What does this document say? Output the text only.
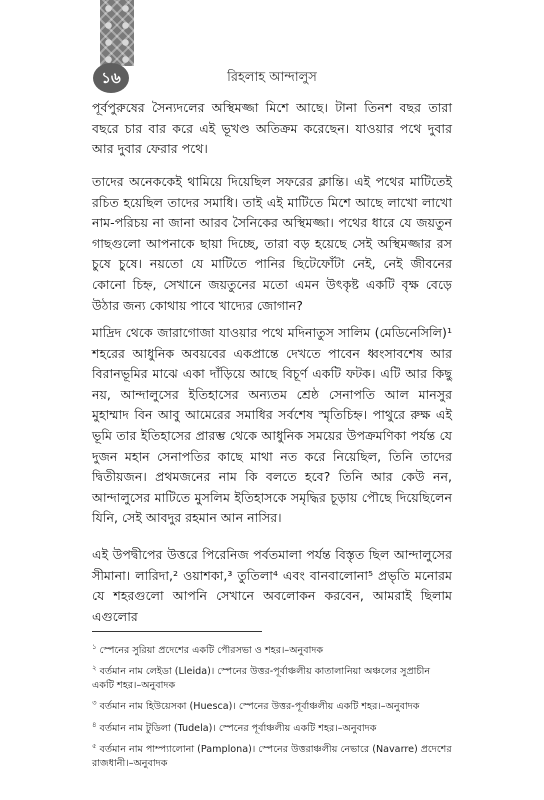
১৬	রিহলাহ আন্দালুস

পূর্বপুরুষের সৈন্যদলের অস্থিমজ্জা মিশে আছে। টানা তিনশ বছর তারা বছরে চার বার করে এই ভূখণ্ড অতিক্রম করেছেন। যাওয়ার পথে দুবার আর দুবার ফেরার পথে।

তাদের অনেককেই থামিয়ে দিয়েছিল সফরের ক্লান্তি। এই পথের মাটিতেই রচিত হয়েছিল তাদের সমাধি। তাই এই মাটিতে মিশে আছে লাখো লাখো নাম-পরিচয় না জানা আরব সৈনিকের অস্থিমজ্জা। পথের ধারে যে জয়তুন গাছগুলো আপনাকে ছায়া দিচ্ছে, তারা বড় হয়েছে সেই অস্থিমজ্জার রস চুষে চুষে। নয়তো যে মাটিতে পানির ছিটেফোঁটা নেই, নেই জীবনের কোনো চিহ্ন, সেখানে জয়তুনের মতো এমন উৎকৃষ্ট একটি বৃক্ষ বেড়ে উঠার জন্য কোথায় পাবে খাদ্যের জোগান?

মাদ্রিদ থেকে জারাগোজা যাওয়ার পথে মদিনাতুস সালিম (মেডিনেসিলি)¹ শহরের আধুনিক অবয়বের একপ্রান্তে দেখতে পাবেন ধ্বংসাবশেষ আর বিরানভূমির মাঝে একা দাঁড়িয়ে আছে বিচূর্ণ একটি ফটক। এটি আর কিছু নয়, আন্দালুসের ইতিহাসের অন্যতম শ্রেষ্ঠ সেনাপতি আল মানসুর মুহাম্মাদ বিন আবু আমেরের সমাধির সর্বশেষ স্মৃতিচিহ্ন। পাথুরে রুক্ষ এই ভূমি তার ইতিহাসের প্রারম্ভ থেকে আধুনিক সময়ের উপক্রমণিকা পর্যন্ত যে দুজন মহান সেনাপতির কাছে মাথা নত করে নিয়েছিল, তিনি তাদের দ্বিতীয়জন। প্রথমজনের নাম কি বলতে হবে? তিনি আর কেউ নন, আন্দালুসের মাটিতে মুসলিম ইতিহাসকে সমৃদ্ধির চূড়ায় পৌছে দিয়েছিলেন যিনি, সেই আবদুর রহমান আন নাসির।

এই উপদ্বীপের উত্তরে পিরেনিজ পর্বতমালা পর্যন্ত বিস্তৃত ছিল আন্দালুসের সীমানা। লারিদা,² ওয়াশকা,³ তুতিলা⁴ এবং বানবালোনা⁵ প্রভৃতি মনোরম যে শহরগুলো আপনি সেখানে অবলোকন করবেন, আমরাই ছিলাম এগুলোর

$^১$ স্পেনের সুরিয়া প্রদেশের একটি পৌরসভা ও শহর।–অনুবাদক
$^২$ বর্তমান নাম লেইডা (Lleida)। স্পেনের উত্তর-পূর্বাঞ্চলীয় কাতালানিয়া অঞ্চলের সুপ্রাচীন একটি শহর।–অনুবাদক
$^৩$ বর্তমান নাম হিউয়েসকা (Huesca)। স্পেনের উত্তর-পূর্বাঞ্চলীয় একটি শহর।–অনুবাদক
$^৪$ বর্তমান নাম টুডিলা (Tudela)। স্পেনের পূর্বাঞ্চলীয় একটি শহর।–অনুবাদক
$^৫$ বর্তমান নাম পাম্প্যালোনা (Pamplona)। স্পেনের উত্তরাঞ্চলীয় নেভারে (Navarre) প্রদেশের রাজধানী।–অনুবাদক
